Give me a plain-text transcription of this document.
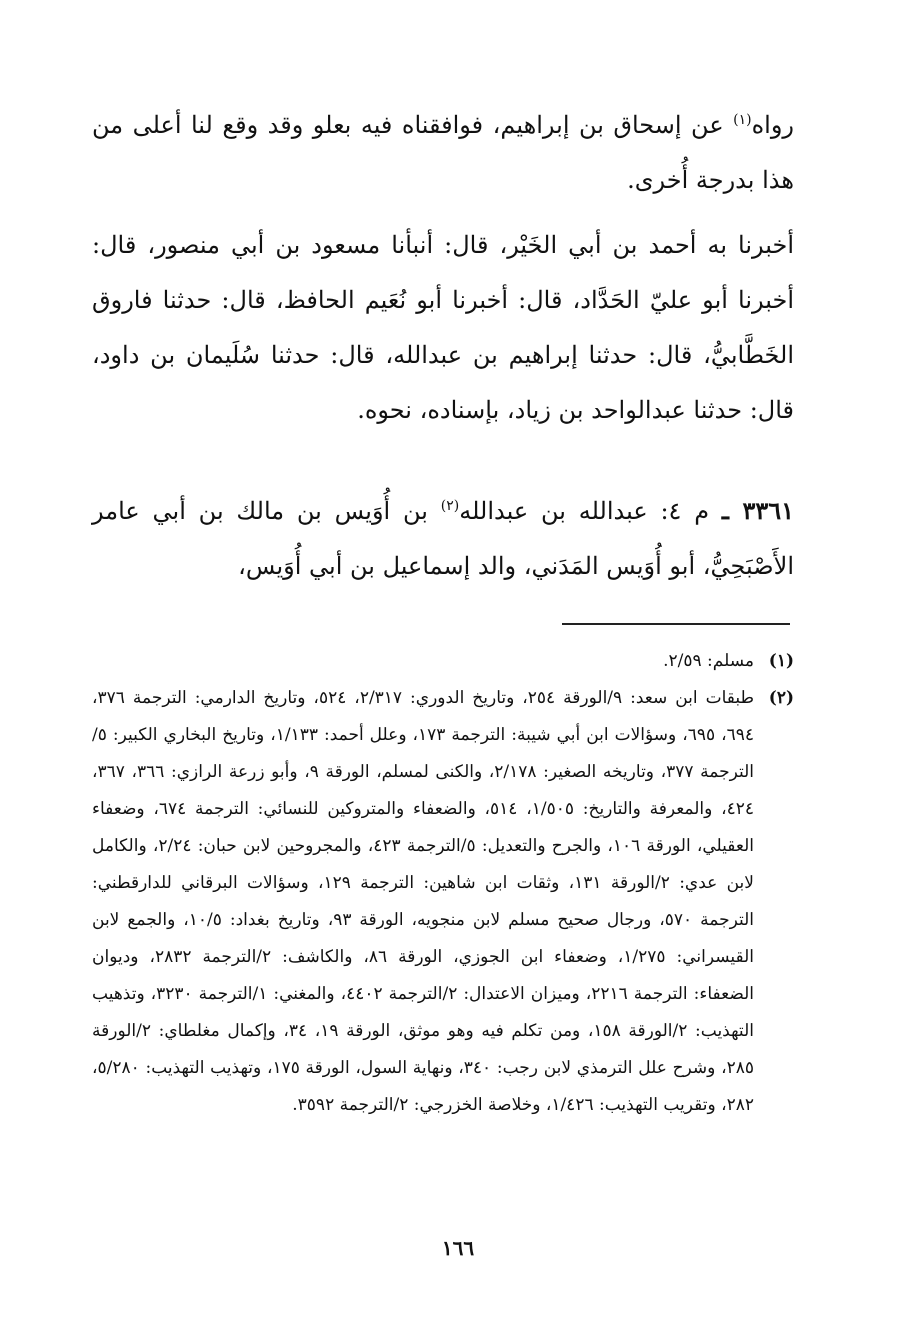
رواه$^{(١)}$ عن إسحاق بن إبراهيم، فوافقناه فيه بعلو وقد وقع لنا أعلى من هذا بدرجة أُخرى.
أخبرنا به أحمد بن أبي الخَيْر، قال: أنبأنا مسعود بن أبي منصور، قال: أخبرنا أبو عليّ الحَدَّاد، قال: أخبرنا أبو نُعَيم الحافظ، قال: حدثنا فاروق الخَطَّابيُّ، قال: حدثنا إبراهيم بن عبدالله، قال: حدثنا سُلَيمان بن داود، قال: حدثنا عبدالواحد بن زياد، بإسناده، نحوه.
٣٣٦١ ـ م ٤: عبدالله بن عبدالله$^{(٢)}$ بن أُوَيس بن مالك بن أبي عامر الأَصْبَحِيُّ، أبو أُوَيس المَدَني، والد إسماعيل بن أبي أُوَيس،
(١)
مسلم: ٢/٥٩.
(٢)
طبقات ابن سعد: ٩/الورقة ٢٥٤، وتاريخ الدوري: ٢/٣١٧، ٥٢٤، وتاريخ الدارمي: الترجمة ٣٧٦، ٦٩٤، ٦٩٥، وسؤالات ابن أبي شيبة: الترجمة ١٧٣، وعلل أحمد: ١/١٣٣، وتاريخ البخاري الكبير: ٥/الترجمة ٣٧٧، وتاريخه الصغير: ٢/١٧٨، والكنى لمسلم، الورقة ٩، وأبو زرعة الرازي: ٣٦٦، ٣٦٧، ٤٢٤، والمعرفة والتاريخ: ١/٥٠٥، ٥١٤، والضعفاء والمتروكين للنسائي: الترجمة ٦٧٤، وضعفاء العقيلي، الورقة ١٠٦، والجرح والتعديل: ٥/الترجمة ٤٢٣، والمجروحين لابن حبان: ٢/٢٤، والكامل لابن عدي: ٢/الورقة ١٣١، وثقات ابن شاهين: الترجمة ١٢٩، وسؤالات البرقاني للدارقطني: الترجمة ٥٧٠، ورجال صحيح مسلم لابن منجويه، الورقة ٩٣، وتاريخ بغداد: ١٠/٥، والجمع لابن القيسراني: ١/٢٧٥، وضعفاء ابن الجوزي، الورقة ٨٦، والكاشف: ٢/الترجمة ٢٨٣٢، وديوان الضعفاء: الترجمة ٢٢١٦، وميزان الاعتدال: ٢/الترجمة ٤٤٠٢، والمغني: ١/الترجمة ٣٢٣٠، وتذهيب التهذيب: ٢/الورقة ١٥٨، ومن تكلم فيه وهو موثق، الورقة ١٩، ٣٤، وإكمال مغلطاي: ٢/الورقة ٢٨٥، وشرح علل الترمذي لابن رجب: ٣٤٠، ونهاية السول، الورقة ١٧٥، وتهذيب التهذيب: ٥/٢٨٠، ٢٨٢، وتقريب التهذيب: ١/٤٢٦، وخلاصة الخزرجي: ٢/الترجمة ٣٥٩٢.
١٦٦
